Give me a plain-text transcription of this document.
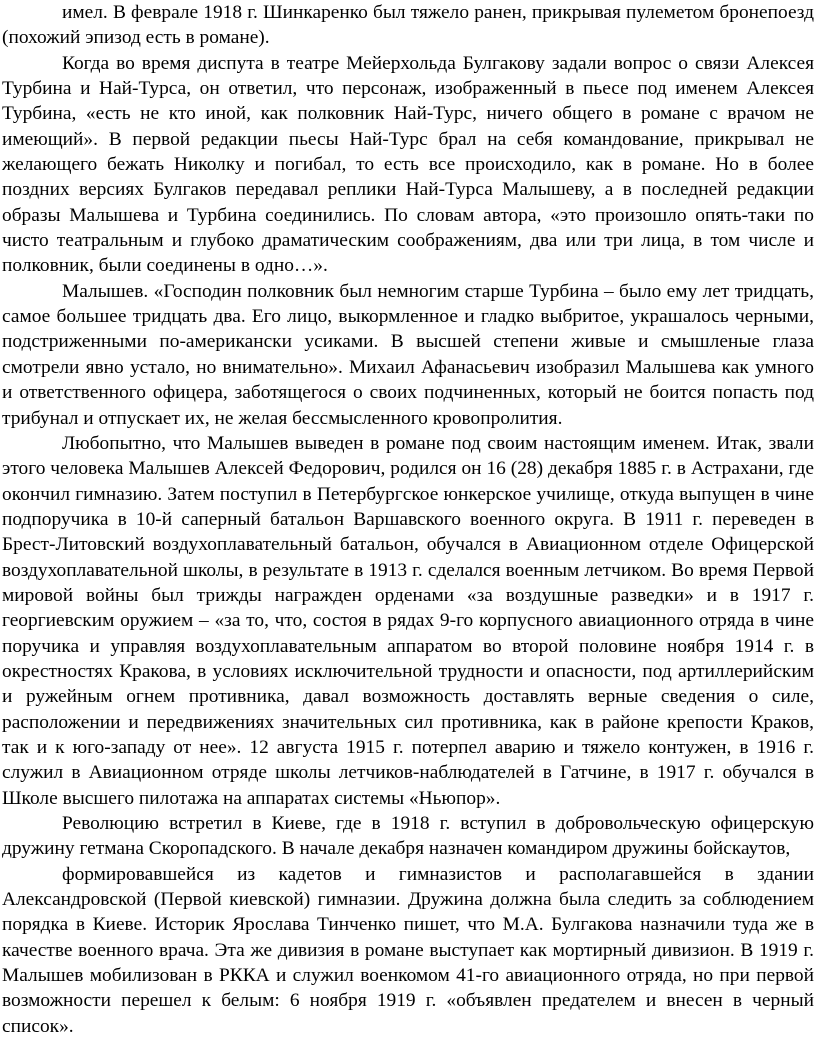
имел. В феврале 1918 г. Шинкаренко был тяжело ранен, прикрывая пулеметом бронепоезд (похожий эпизод есть в романе).

Когда во время диспута в театре Мейерхольда Булгакову задали вопрос о связи Алексея Турбина и Най-Турса, он ответил, что персонаж, изображенный в пьесе под именем Алексея Турбина, «есть не кто иной, как полковник Най-Турс, ничего общего в романе с врачом не имеющий». В первой редакции пьесы Най-Турс брал на себя командование, прикрывал не желающего бежать Николку и погибал, то есть все происходило, как в романе. Но в более поздних версиях Булгаков передавал реплики Най-Турса Малышеву, а в последней редакции образы Малышева и Турбина соединились. По словам автора, «это произошло опять-таки по чисто театральным и глубоко драматическим соображениям, два или три лица, в том числе и полковник, были соединены в одно…».

Малышев. «Господин полковник был немногим старше Турбина – было ему лет тридцать, самое большее тридцать два. Его лицо, выкормленное и гладко выбритое, украшалось черными, подстриженными по-американски усиками. В высшей степени живые и смышленые глаза смотрели явно устало, но внимательно». Михаил Афанасьевич изобразил Малышева как умного и ответственного офицера, заботящегося о своих подчиненных, который не боится попасть под трибунал и отпускает их, не желая бессмысленного кровопролития.

Любопытно, что Малышев выведен в романе под своим настоящим именем. Итак, звали этого человека Малышев Алексей Федорович, родился он 16 (28) декабря 1885 г. в Астрахани, где окончил гимназию. Затем поступил в Петербургское юнкерское училище, откуда выпущен в чине подпоручика в 10-й саперный батальон Варшавского военного округа. В 1911 г. переведен в Брест-Литовский воздухоплавательный батальон, обучался в Авиационном отделе Офицерской воздухоплавательной школы, в результате в 1913 г. сделался военным летчиком. Во время Первой мировой войны был трижды награжден орденами «за воздушные разведки» и в 1917 г. георгиевским оружием – «за то, что, состоя в рядах 9-го корпусного авиационного отряда в чине поручика и управляя воздухоплавательным аппаратом во второй половине ноября 1914 г. в окрестностях Кракова, в условиях исключительной трудности и опасности, под артиллерийским и ружейным огнем противника, давал возможность доставлять верные сведения о силе, расположении и передвижениях значительных сил противника, как в районе крепости Краков, так и к юго-западу от нее». 12 августа 1915 г. потерпел аварию и тяжело контужен, в 1916 г. служил в Авиационном отряде школы летчиков-наблюдателей в Гатчине, в 1917 г. обучался в Школе высшего пилотажа на аппаратах системы «Ньюпор».

Революцию встретил в Киеве, где в 1918 г. вступил в добровольческую офицерскую дружину гетмана Скоропадского. В начале декабря назначен командиром дружины бойскаутов,

формировавшейся из кадетов и гимназистов и располагавшейся в здании Александровской (Первой киевской) гимназии. Дружина должна была следить за соблюдением порядка в Киеве. Историк Ярослава Тинченко пишет, что М.А. Булгакова назначили туда же в качестве военного врача. Эта же дивизия в романе выступает как мортирный дивизион. В 1919 г. Малышев мобилизован в РККА и служил военкомом 41-го авиационного отряда, но при первой возможности перешел к белым: 6 ноября 1919 г. «объявлен предателем и внесен в черный список».
